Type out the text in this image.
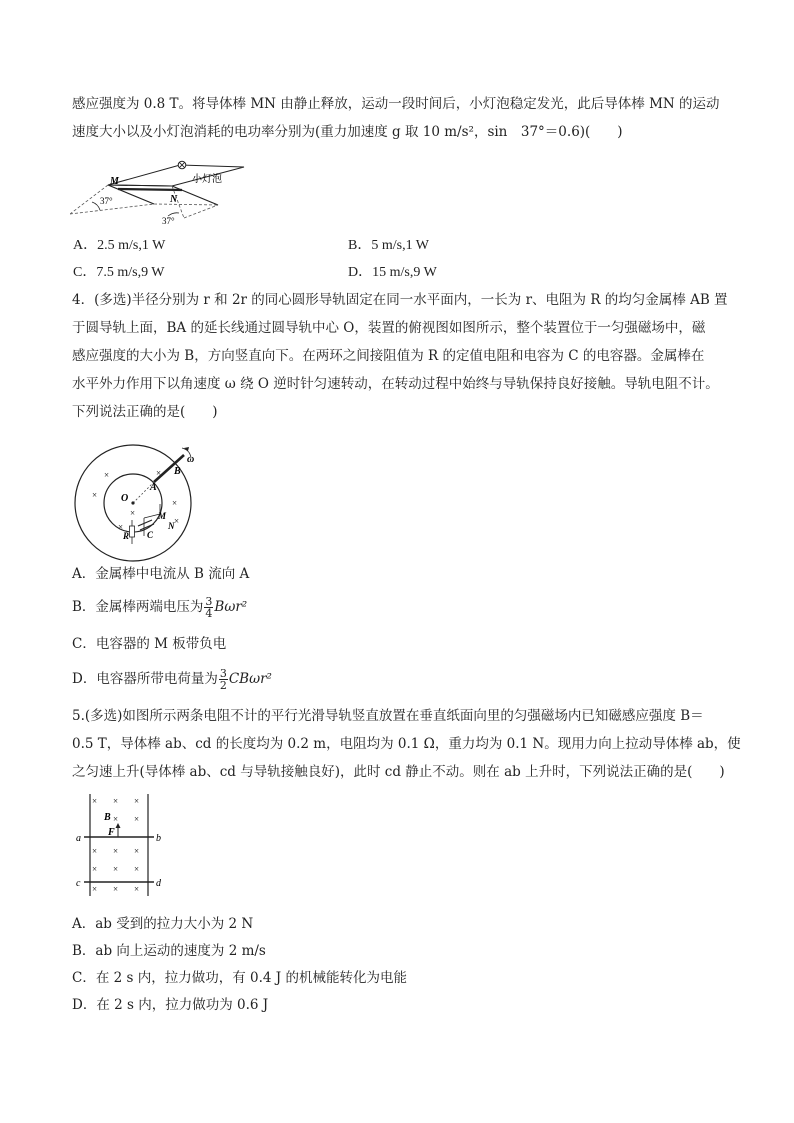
感应强度为 0.8 T。将导体棒 MN 由静止释放，运动一段时间后，小灯泡稳定发光，此后导体棒 MN 的运动
速度大小以及小灯泡消耗的电功率分别为(重力加速度 g 取 10 m/s²，sin　37°＝0.6)(　　)
M
N
小灯泡
37°
37°
A．2.5 m/s,1 W	B．5 m/s,1 W
C．7.5 m/s,9 W	D．15 m/s,9 W
4．(多选)半径分别为 r 和 2r 的同心圆形导轨固定在同一水平面内，一长为 r、电阻为 R 的均匀金属棒 AB 置
于圆导轨上面，BA 的延长线通过圆导轨中心 O，装置的俯视图如图所示，整个装置位于一匀强磁场中，磁
感应强度的大小为 B，方向竖直向下。在两环之间接阻值为 R 的定值电阻和电容为 C 的电容器。金属棒在
水平外力作用下以角速度 ω 绕 O 逆时针匀速转动，在转动过程中始终与导轨保持良好接触。导轨电阻不计。
下列说法正确的是(　　)
×	×
×
×
×
×
×
O
A
B
ω
M
N
R C
A．金属棒中电流从 B 流向 A
B．金属棒两端电压为 $\frac{3}{4} B\omega r^2$
C．电容器的 M 板带负电
D．电容器所带电荷量为 $\frac{3}{2} CB\omega r^2$
5.(多选)如图所示两条电阻不计的平行光滑导轨竖直放置在垂直纸面向里的匀强磁场内已知磁感应强度 B＝
0.5 T，导体棒 ab、cd 的长度均为 0.2 m，电阻均为 0.1 Ω，重力均为 0.1 N。现用力向上拉动导体棒 ab，使
之匀速上升(导体棒 ab、cd 与导轨接触良好)，此时 cd 静止不动。则在 ab 上升时，下列说法正确的是(　　)
× × ×
× ×
× × ×
× × ×
× × ×
B
F
a	b
c	d
A．ab 受到的拉力大小为 2 N
B．ab 向上运动的速度为 2 m/s
C．在 2 s 内，拉力做功，有 0.4 J 的机械能转化为电能
D．在 2 s 内，拉力做功为 0.6 J
